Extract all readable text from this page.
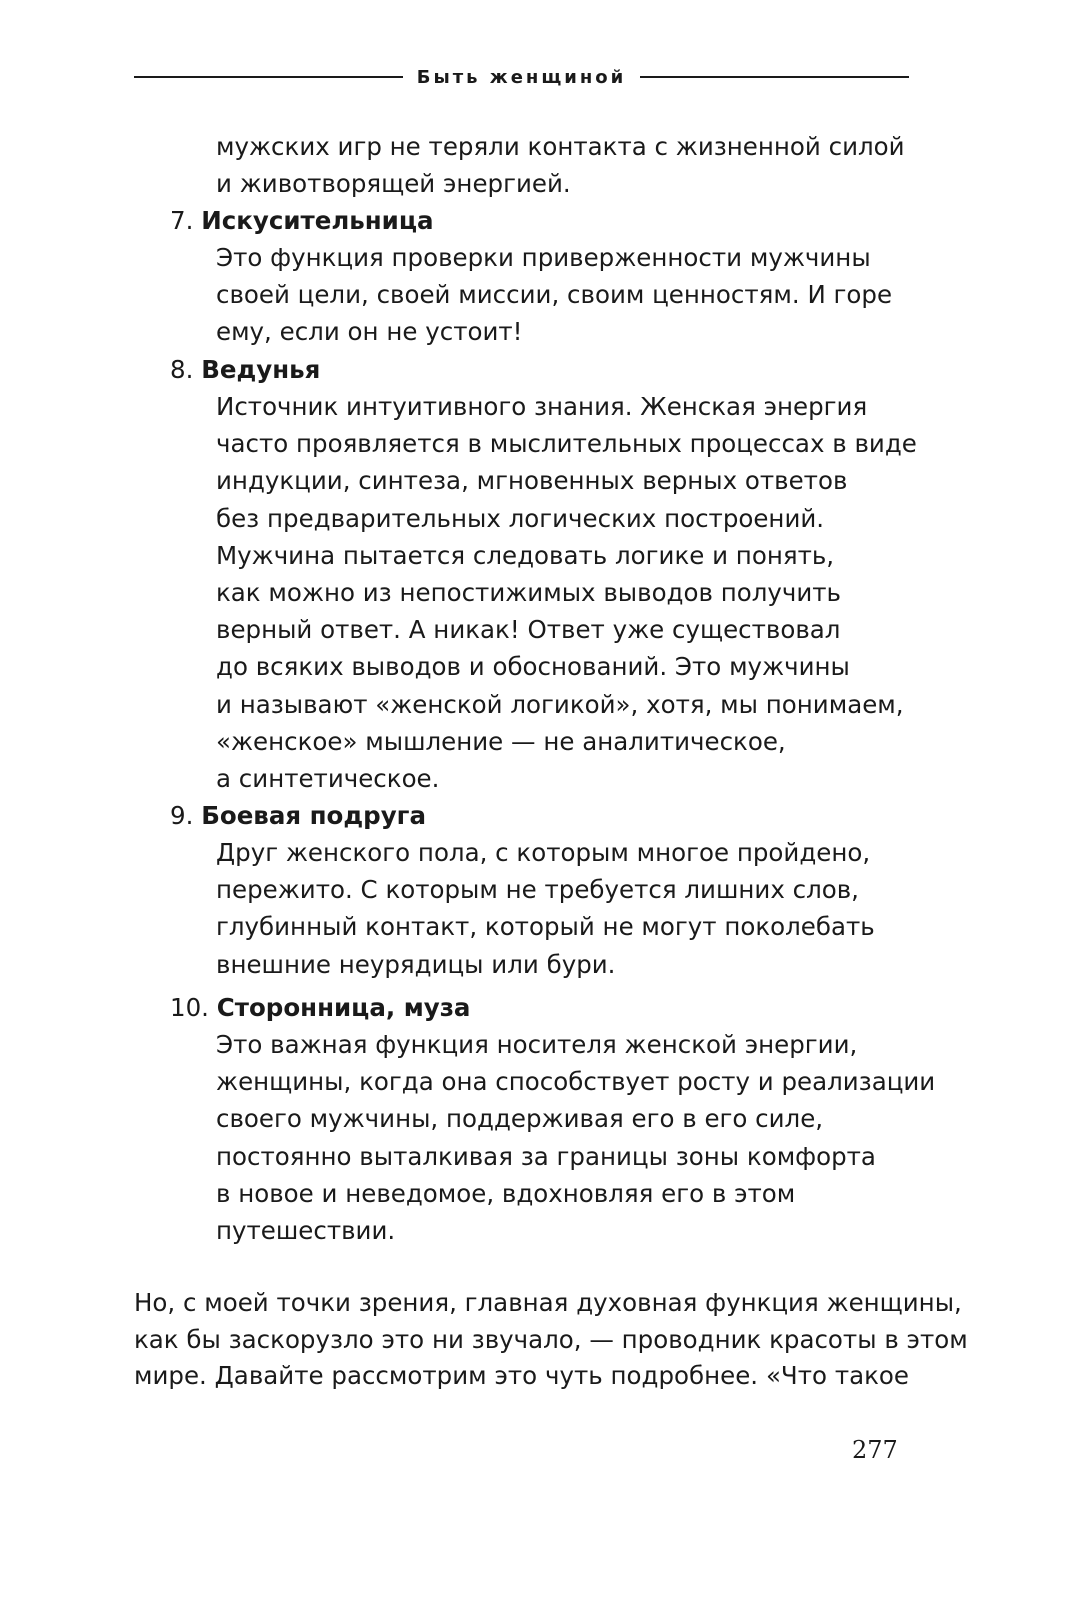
Быть женщиной
мужских игр не теряли контакта с жизненной силой
и животворящей энергией.
7. Искусительница
Это функция проверки приверженности мужчины
своей цели, своей миссии, своим ценностям. И горе
ему, если он не устоит!
8. Ведунья
Источник интуитивного знания. Женская энергия
часто проявляется в мыслительных процессах в виде
индукции, синтеза, мгновенных верных ответов
без предварительных логических построений.
Мужчина пытается следовать логике и понять,
как можно из непостижимых выводов получить
верный ответ. А никак! Ответ уже существовал
до всяких выводов и обоснований. Это мужчины
и называют «женской логикой», хотя, мы понимаем,
«женское» мышление — не аналитическое,
а синтетическое.
9. Боевая подруга
Друг женского пола, с которым многое пройдено,
пережито. С которым не требуется лишних слов,
глубинный контакт, который не могут поколебать
внешние неурядицы или бури.
10. Сторонница, муза
Это важная функция носителя женской энергии,
женщины, когда она способствует росту и реализации
своего мужчины, поддерживая его в его силе,
постоянно выталкивая за границы зоны комфорта
в новое и неведомое, вдохновляя его в этом
путешествии.
Но, с моей точки зрения, главная духовная функция женщины,
как бы заскорузло это ни звучало, — проводник красоты в этом
мире. Давайте рассмотрим это чуть подробнее. «Что такое
277
